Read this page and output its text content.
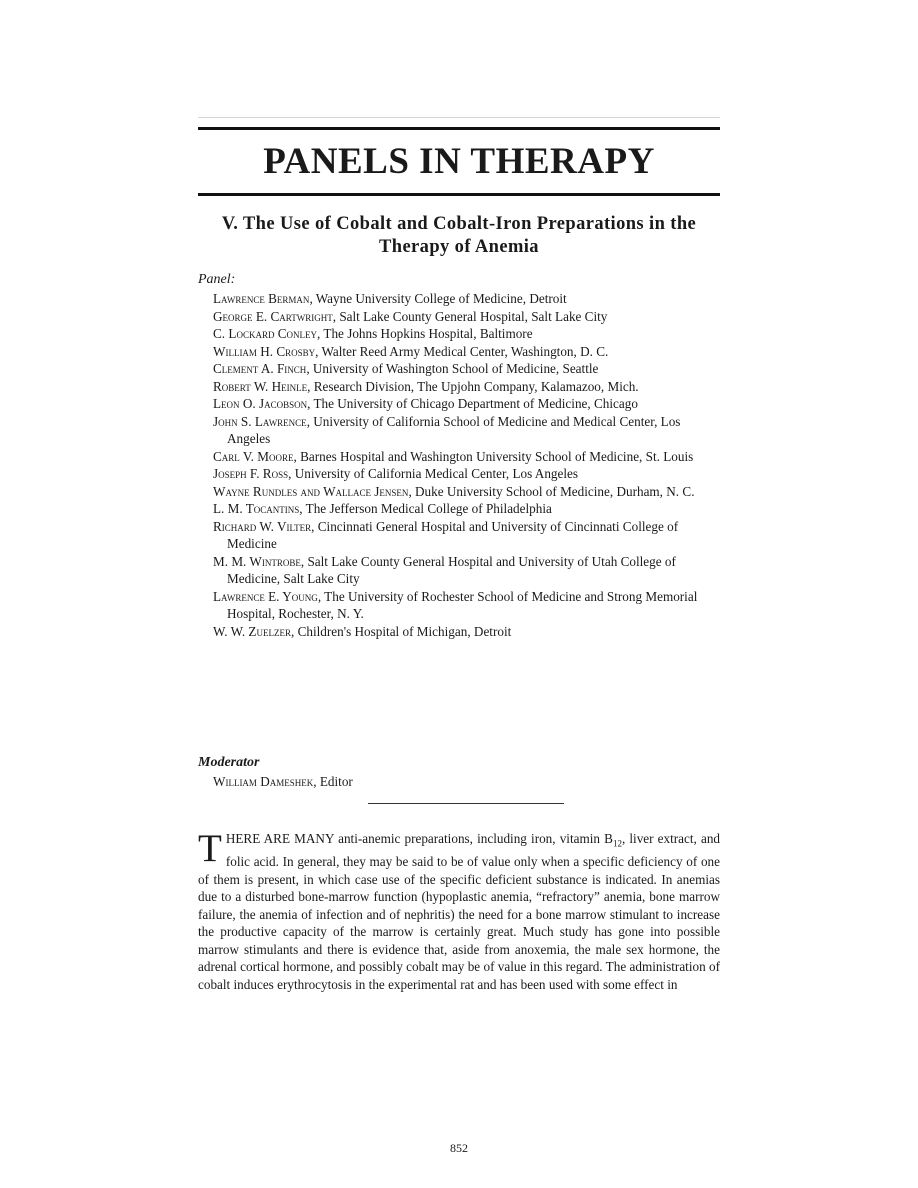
PANELS IN THERAPY
V. The Use of Cobalt and Cobalt-Iron Preparations in the
Therapy of Anemia
Panel:
Lawrence Berman, Wayne University College of Medicine, Detroit
George E. Cartwright, Salt Lake County General Hospital, Salt Lake City
C. Lockard Conley, The Johns Hopkins Hospital, Baltimore
William H. Crosby, Walter Reed Army Medical Center, Washington, D. C.
Clement A. Finch, University of Washington School of Medicine, Seattle
Robert W. Heinle, Research Division, The Upjohn Company, Kalamazoo, Mich.
Leon O. Jacobson, The University of Chicago Department of Medicine, Chicago
John S. Lawrence, University of California School of Medicine and Medical Center, Los Angeles
Carl V. Moore, Barnes Hospital and Washington University School of Medicine, St. Louis
Joseph F. Ross, University of California Medical Center, Los Angeles
Wayne Rundles and Wallace Jensen, Duke University School of Medicine, Durham, N. C.
L. M. Tocantins, The Jefferson Medical College of Philadelphia
Richard W. Vilter, Cincinnati General Hospital and University of Cincinnati College of Medicine
M. M. Wintrobe, Salt Lake County General Hospital and University of Utah College of Medicine, Salt Lake City
Lawrence E. Young, The University of Rochester School of Medicine and Strong Memorial Hospital, Rochester, N. Y.
W. W. Zuelzer, Children's Hospital of Michigan, Detroit
Moderator
William Dameshek, Editor
THERE ARE MANY anti-anemic preparations, including iron, vitamin $B_{12}$, liver extract, and folic acid. In general, they may be said to be of value only when a specific deficiency of one of them is present, in which case use of the specific deficient substance is indicated. In anemias due to a disturbed bone-marrow function (hypoplastic anemia, “refractory” anemia, bone marrow failure, the anemia of infection and of nephritis) the need for a bone marrow stimulant to increase the productive capacity of the marrow is certainly great. Much study has gone into possible marrow stimulants and there is evidence that, aside from anoxemia, the male sex hormone, the adrenal cortical hormone, and possibly cobalt may be of value in this regard. The administration of cobalt induces erythrocytosis in the experimental rat and has been used with some effect in
852
